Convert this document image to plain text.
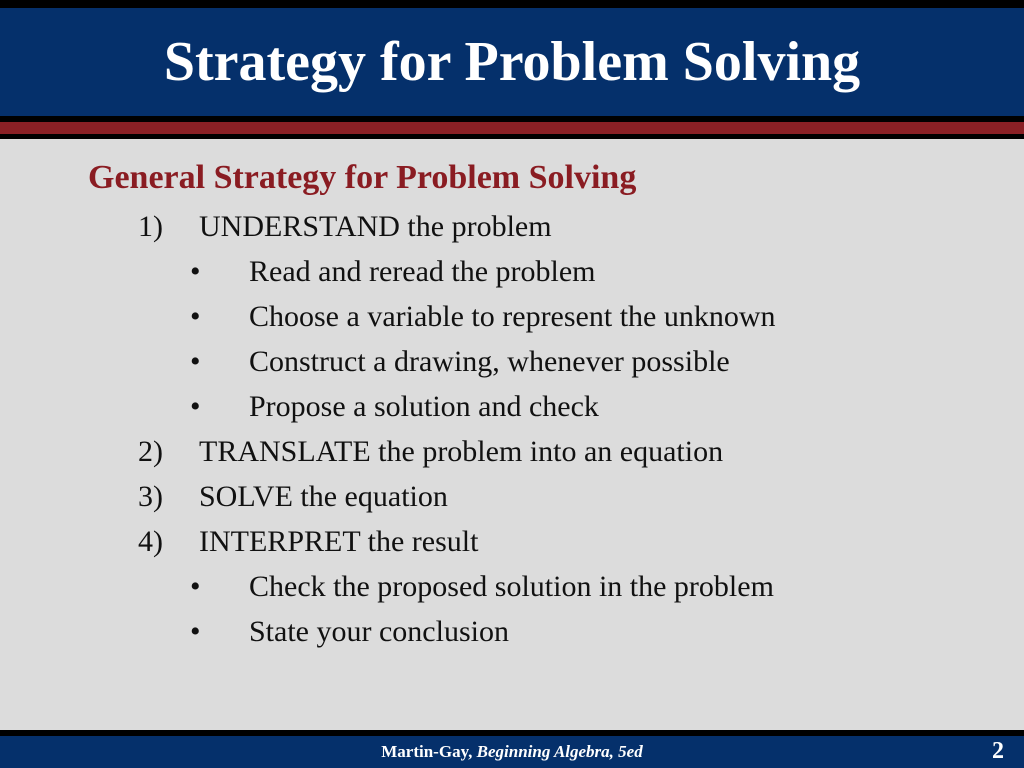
Strategy for Problem Solving
General Strategy for Problem Solving
1) UNDERSTAND the problem
• Read and reread the problem
• Choose a variable to represent the unknown
• Construct a drawing, whenever possible
• Propose a solution and check
2) TRANSLATE the problem into an equation
3) SOLVE the equation
4) INTERPRET the result
• Check the proposed solution in the problem
• State your conclusion
Martin-Gay, Beginning Algebra, 5ed	2
